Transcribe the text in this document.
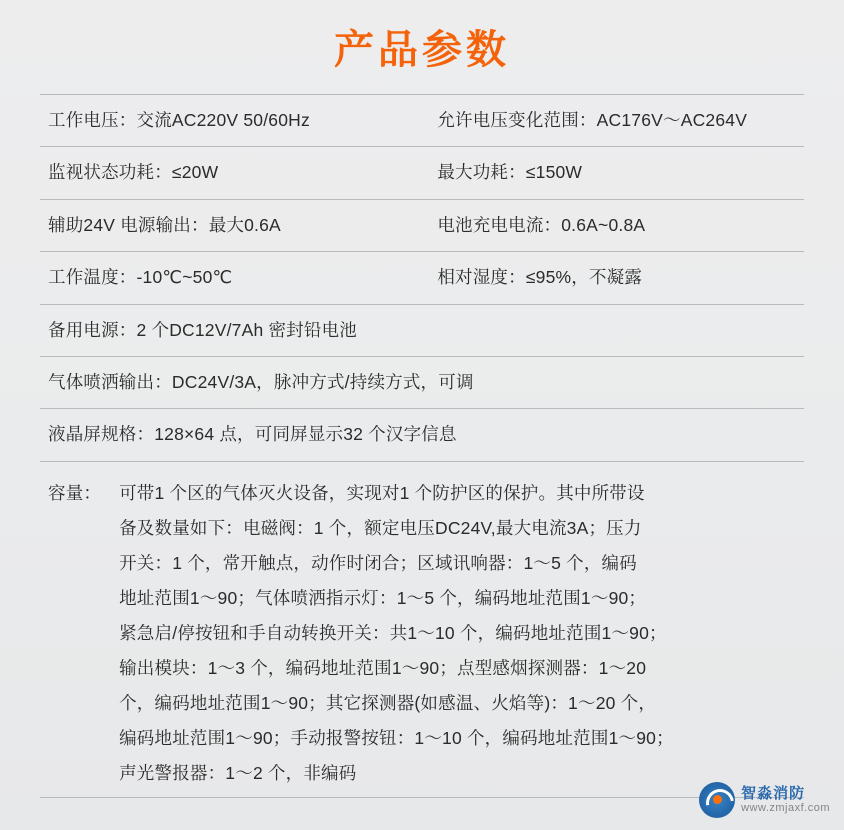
产品参数
工作电压：交流AC220V 50/60Hz	允许电压变化范围：AC176V～AC264V
监视状态功耗：≤20W	最大功耗：≤150W
辅助24V 电源输出：最大0.6A	电池充电电流：0.6A~0.8A
工作温度：-10℃~50℃	相对湿度：≤95%，不凝露
备用电源：2 个DC12V/7Ah 密封铅电池	
气体喷洒输出：DC24V/3A，脉冲方式/持续方式，可调	
液晶屏规格：128×64 点，可同屏显示32 个汉字信息	

容量：	可带1 个区的气体灭火设备，实现对1 个防护区的保护。其中所带设
备及数量如下：电磁阀：1 个，额定电压DC24V,最大电流3A；压力
开关：1 个，常开触点，动作时闭合；区域讯响器：1～5 个，编码
地址范围1～90；气体喷洒指示灯：1～5 个，编码地址范围1～90；
紧急启/停按钮和手自动转换开关：共1～10 个，编码地址范围1～90；
输出模块：1～3 个，编码地址范围1～90；点型感烟探测器：1～20
个，编码地址范围1～90；其它探测器(如感温、火焰等)：1～20 个，
编码地址范围1～90；手动报警按钮：1～10 个，编码地址范围1～90；
声光警报器：1～2 个，非编码
智淼消防
www.zmjaxf.com
